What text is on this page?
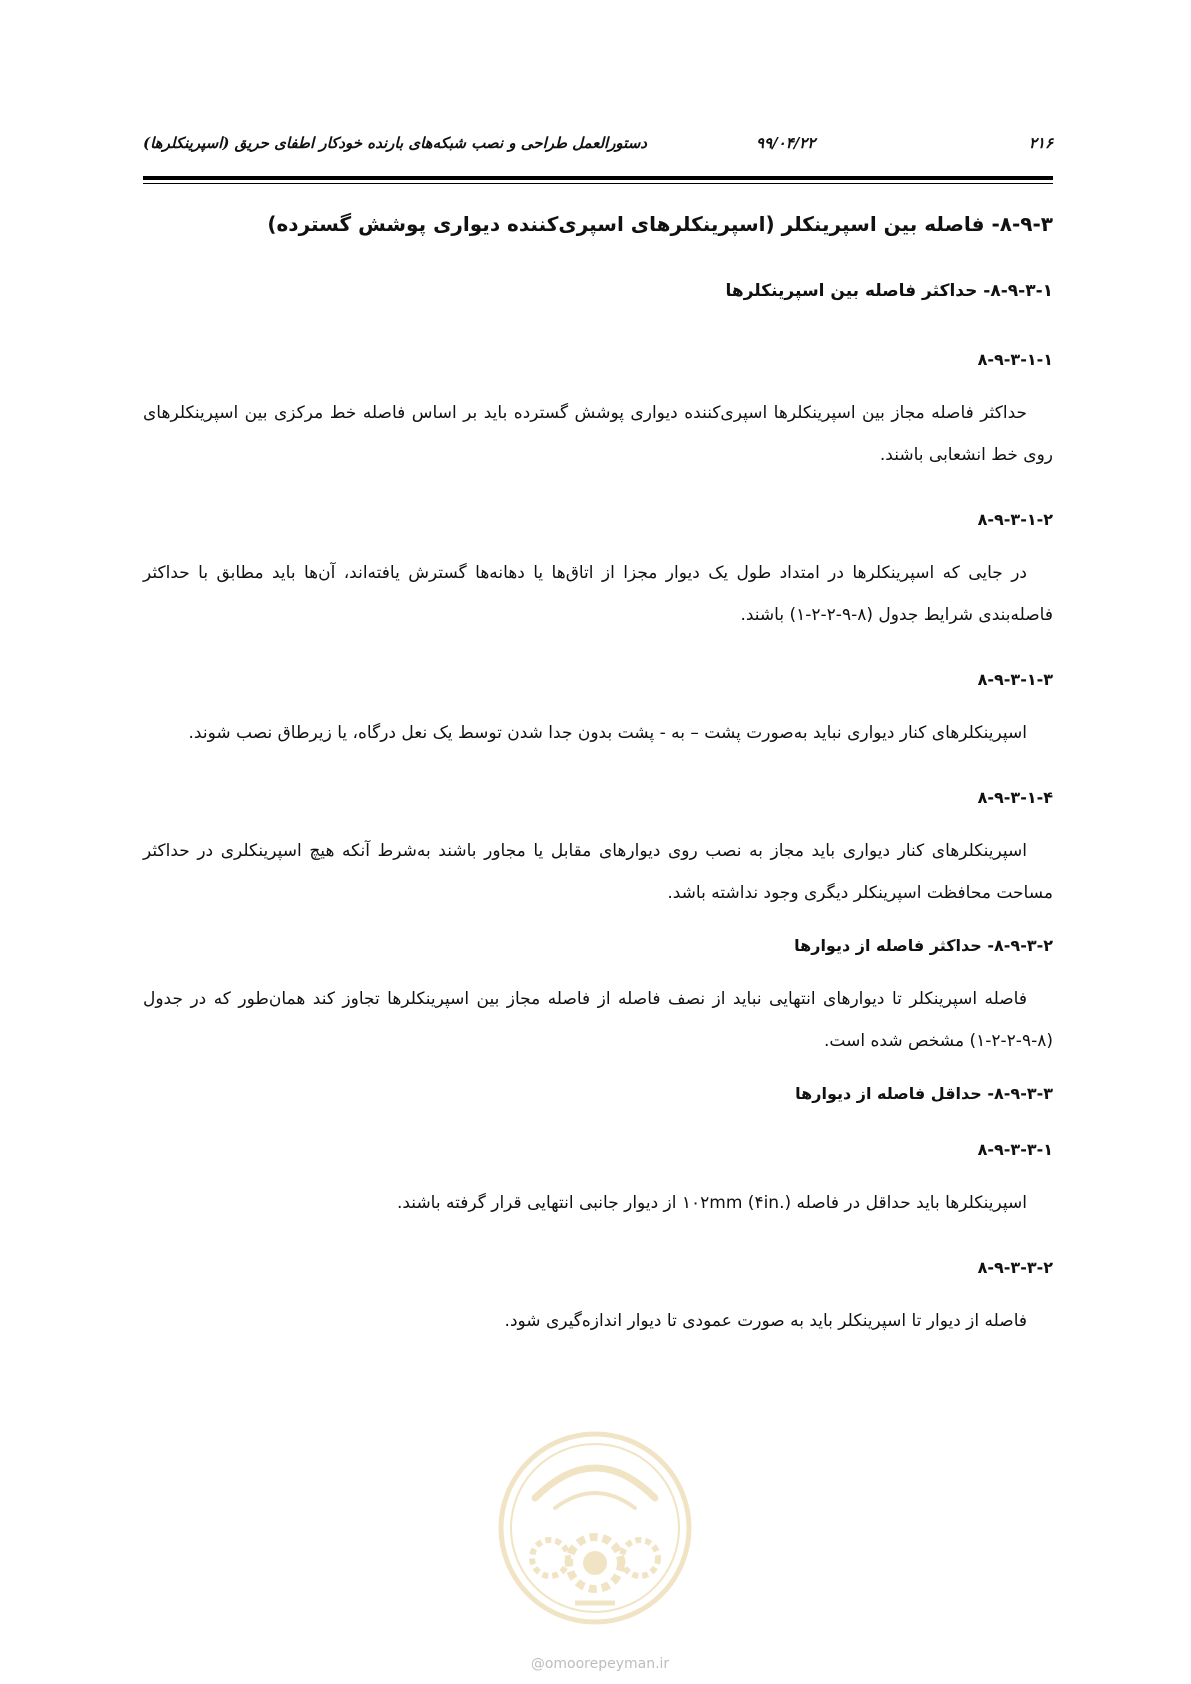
۲۱۶
۹۹/۰۴/۲۲
دستورالعمل طراحی و نصب شبکه‌های بارنده خودکار اطفای حریق (اسپرینکلرها)
۸-۹-۳- فاصله بین اسپرینکلر (اسپرینکلرهای اسپری‌کننده دیواری پوشش گسترده)
۸-۹-۳-۱- حداکثر فاصله بین اسپرینکلرها
۸-۹-۳-۱-۱

حداکثر فاصله مجاز بین اسپرینکلرها اسپری‌کننده دیواری پوشش گسترده باید بر اساس فاصله خط مرکزی بین اسپرینکلرهای روی خط انشعابی باشند.

۸-۹-۳-۱-۲

در جایی که اسپرینکلرها در امتداد طول یک دیوار مجزا از اتاق‌ها یا دهانه‌ها گسترش یافته‌اند، آن‌ها باید مطابق با حداکثر فاصله‌بندی شرایط جدول (۸-۹-۲-۲-۱) باشند.

۸-۹-۳-۱-۳

اسپرینکلرهای کنار دیواری نباید به‌صورت پشت – به - پشت بدون جدا شدن توسط یک نعل درگاه، یا زیرطاق نصب شوند.

۸-۹-۳-۱-۴

اسپرینکلرهای کنار دیواری باید مجاز به نصب روی دیوارهای مقابل یا مجاور باشند به‌شرط آنکه هیچ اسپرینکلری در حداکثر مساحت محافظت اسپرینکلر دیگری وجود نداشته باشد.

۸-۹-۳-۲- حداکثر فاصله از دیوارها

فاصله اسپرینکلر تا دیوارهای انتهایی نباید از نصف فاصله از فاصله مجاز بین اسپرینکلرها تجاوز کند همان‌طور که در جدول (۸-۹-۲-۲-۱) مشخص شده است.

۸-۹-۳-۳- حداقل فاصله از دیوارها
۸-۹-۳-۳-۱

اسپرینکلرها باید حداقل در فاصله ۱۰۲mm (۴in.) از دیوار جانبی انتهایی قرار گرفته باشند.

۸-۹-۳-۳-۲

فاصله از دیوار تا اسپرینکلر باید به صورت عمودی تا دیوار اندازه‌گیری شود.

@omoorepeyman.ir
